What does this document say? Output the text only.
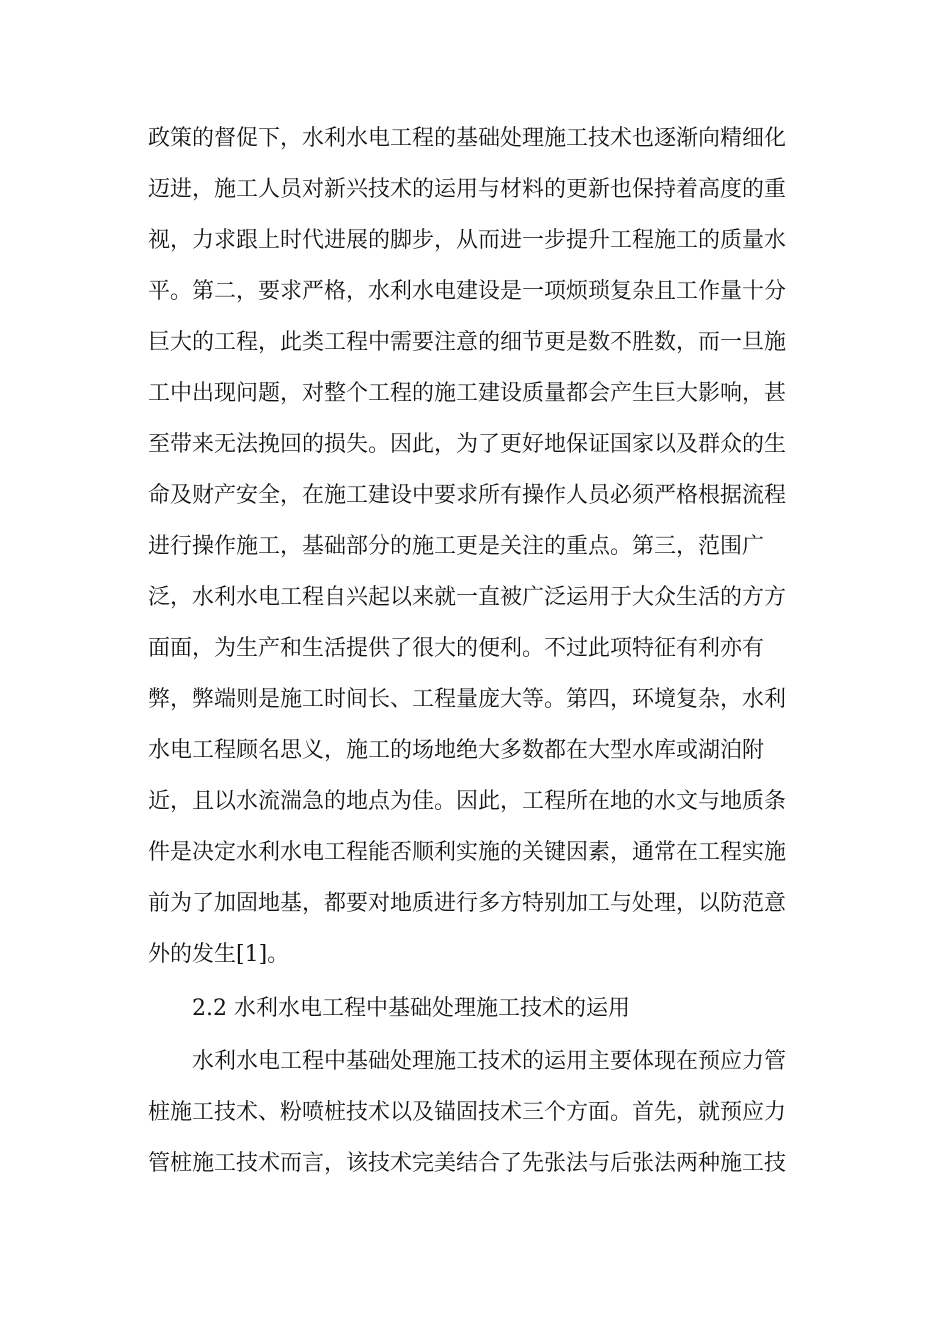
政策的督促下，水利水电工程的基础处理施工技术也逐渐向精细化
迈进，施工人员对新兴技术的运用与材料的更新也保持着高度的重
视，力求跟上时代进展的脚步，从而进一步提升工程施工的质量水
平。第二，要求严格，水利水电建设是一项烦琐复杂且工作量十分
巨大的工程，此类工程中需要注意的细节更是数不胜数，而一旦施
工中出现问题，对整个工程的施工建设质量都会产生巨大影响，甚
至带来无法挽回的损失。因此，为了更好地保证国家以及群众的生
命及财产安全，在施工建设中要求所有操作人员必须严格根据流程
进行操作施工，基础部分的施工更是关注的重点。第三，范围广
泛，水利水电工程自兴起以来就一直被广泛运用于大众生活的方方
面面，为生产和生活提供了很大的便利。不过此项特征有利亦有
弊，弊端则是施工时间长、工程量庞大等。第四，环境复杂，水利
水电工程顾名思义，施工的场地绝大多数都在大型水库或湖泊附
近，且以水流湍急的地点为佳。因此，工程所在地的水文与地质条
件是决定水利水电工程能否顺利实施的关键因素，通常在工程实施
前为了加固地基，都要对地质进行多方特别加工与处理，以防范意
外的发生[1]。
2.2 水利水电工程中基础处理施工技术的运用
水利水电工程中基础处理施工技术的运用主要体现在预应力管
桩施工技术、粉喷桩技术以及锚固技术三个方面。首先，就预应力
管桩施工技术而言，该技术完美结合了先张法与后张法两种施工技
